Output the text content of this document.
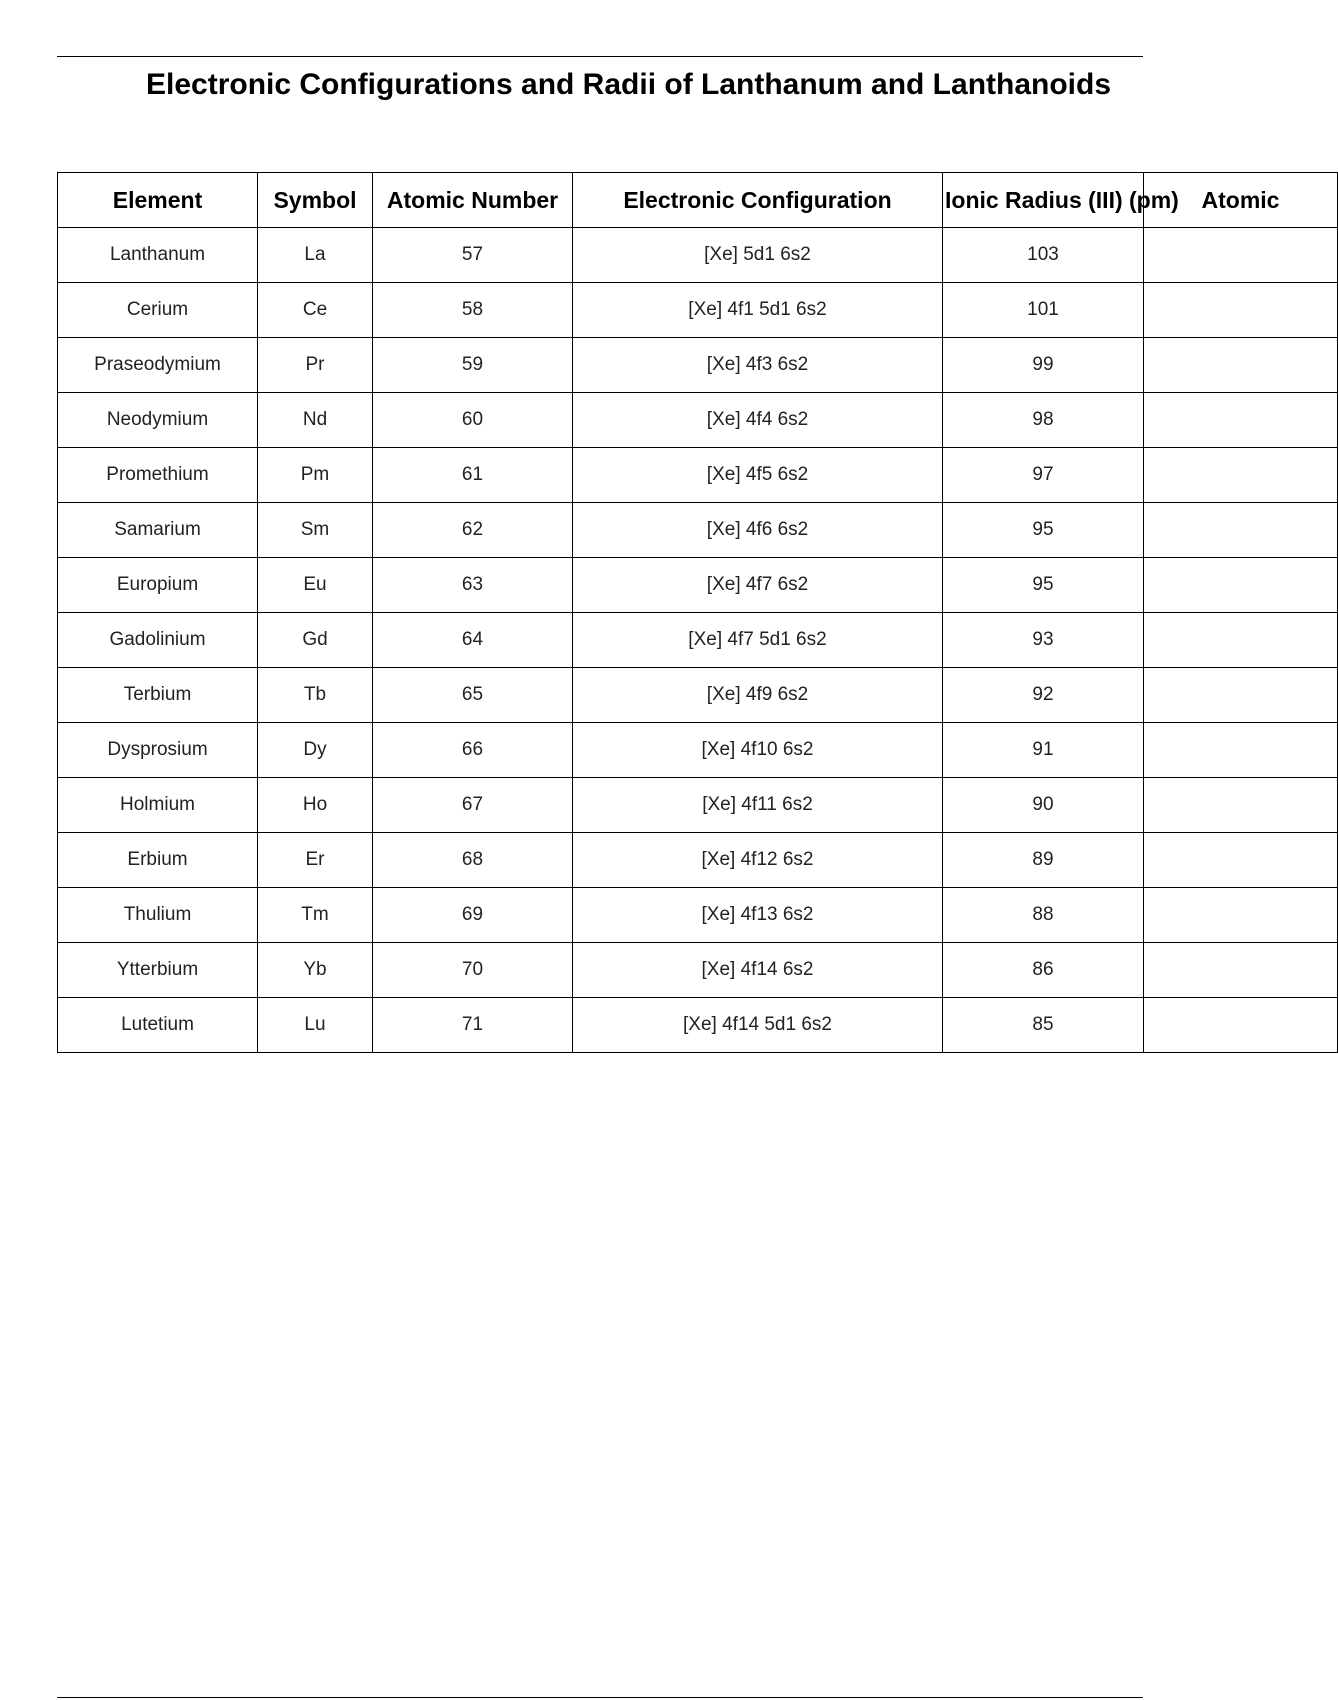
Electronic Configurations and Radii of Lanthanum and Lanthanoids
Element	Symbol	Atomic Number	Electronic Configuration	Ionic Radius (III) (pm)	Atomic
Lanthanum	La	57	[Xe] 5d1 6s2	103	
Cerium	Ce	58	[Xe] 4f1 5d1 6s2	101	
Praseodymium	Pr	59	[Xe] 4f3 6s2	99	
Neodymium	Nd	60	[Xe] 4f4 6s2	98	
Promethium	Pm	61	[Xe] 4f5 6s2	97	
Samarium	Sm	62	[Xe] 4f6 6s2	95	
Europium	Eu	63	[Xe] 4f7 6s2	95	
Gadolinium	Gd	64	[Xe] 4f7 5d1 6s2	93	
Terbium	Tb	65	[Xe] 4f9 6s2	92	
Dysprosium	Dy	66	[Xe] 4f10 6s2	91	
Holmium	Ho	67	[Xe] 4f11 6s2	90	
Erbium	Er	68	[Xe] 4f12 6s2	89	
Thulium	Tm	69	[Xe] 4f13 6s2	88	
Ytterbium	Yb	70	[Xe] 4f14 6s2	86	
Lutetium	Lu	71	[Xe] 4f14 5d1 6s2	85	
